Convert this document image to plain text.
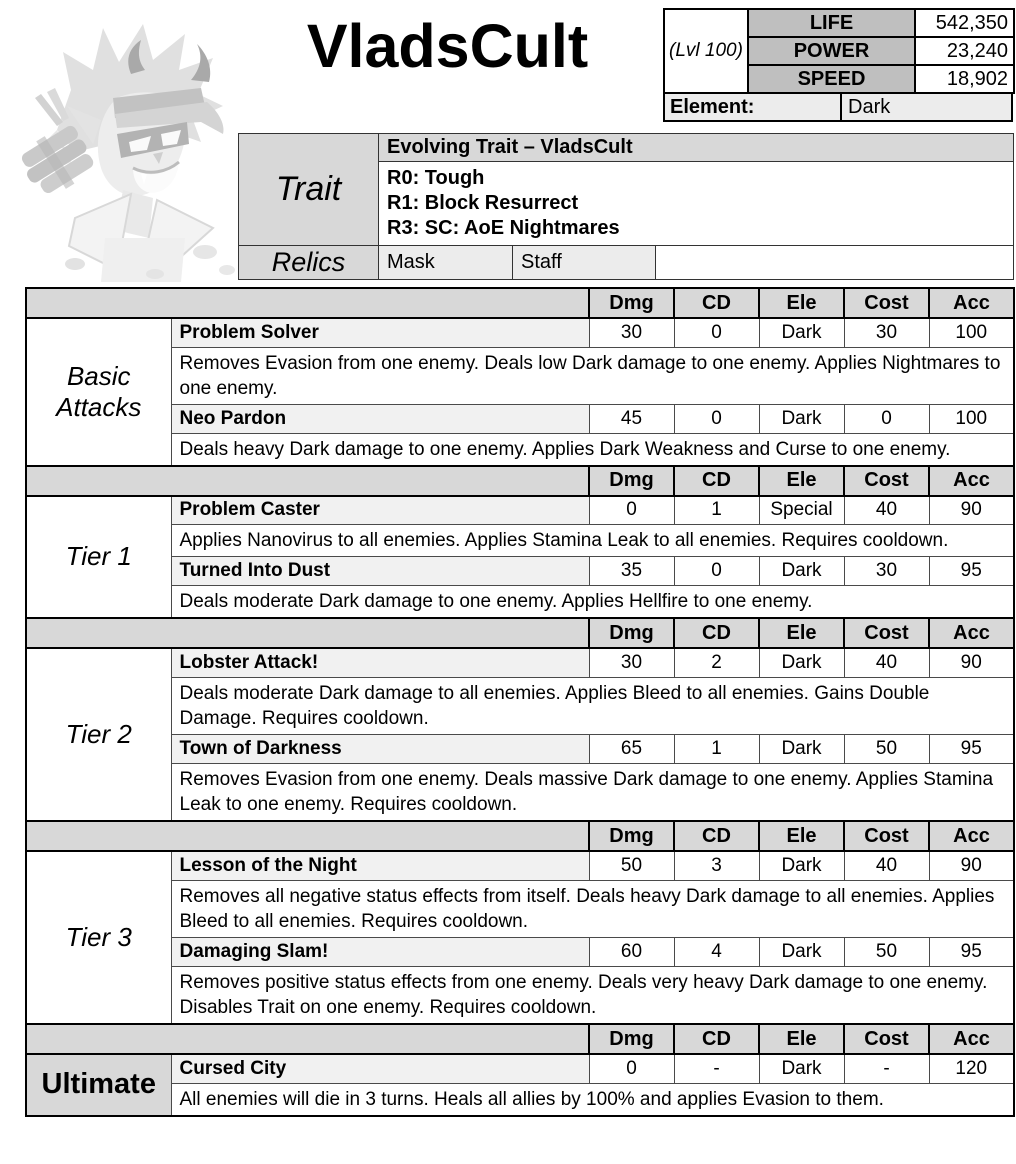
VladsCult	(Lvl 100)	LIFE	542,350
	POWER	23,240
	SPEED	18,902
Element:	Dark
Trait	Evolving Trait – VladsCult		

	R0: Tough
R1: Block Resurrect
R3: SC: AoE Nightmares		

Relics	Mask	Staff	
		Dmg	CD	Ele	Cost	Acc
Basic Attacks	Problem Solver	30	0	Dark	30	100
	Removes Evasion from one enemy. Deals low Dark damage to one enemy. Applies Nightmares to one enemy.					
	Neo Pardon	45	0	Dark	0	100
	Deals heavy Dark damage to one enemy. Applies Dark Weakness and Curse to one enemy.					
		Dmg	CD	Ele	Cost	Acc
Tier 1	Problem Caster	0	1	Special	40	90
	Applies Nanovirus to all enemies. Applies Stamina Leak to all enemies. Requires cooldown.					
	Turned Into Dust	35	0	Dark	30	95
	Deals moderate Dark damage to one enemy. Applies Hellfire to one enemy.					
		Dmg	CD	Ele	Cost	Acc
Tier 2	Lobster Attack!	30	2	Dark	40	90
	Deals moderate Dark damage to all enemies. Applies Bleed to all enemies. Gains Double Damage. Requires cooldown.					
	Town of Darkness	65	1	Dark	50	95
	Removes Evasion from one enemy. Deals massive Dark damage to one enemy. Applies Stamina Leak to one enemy. Requires cooldown.					
		Dmg	CD	Ele	Cost	Acc
Tier 3	Lesson of the Night	50	3	Dark	40	90
	Removes all negative status effects from itself. Deals heavy Dark damage to all enemies. Applies Bleed to all enemies. Requires cooldown.					
	Damaging Slam!	60	4	Dark	50	95
	Removes positive status effects from one enemy. Deals very heavy Dark damage to one enemy. Disables Trait on one enemy. Requires cooldown.					
		Dmg	CD	Ele	Cost	Acc
Ultimate	Cursed City	0	-	Dark	-	120
	All enemies will die in 3 turns. Heals all allies by 100% and applies Evasion to them.					
